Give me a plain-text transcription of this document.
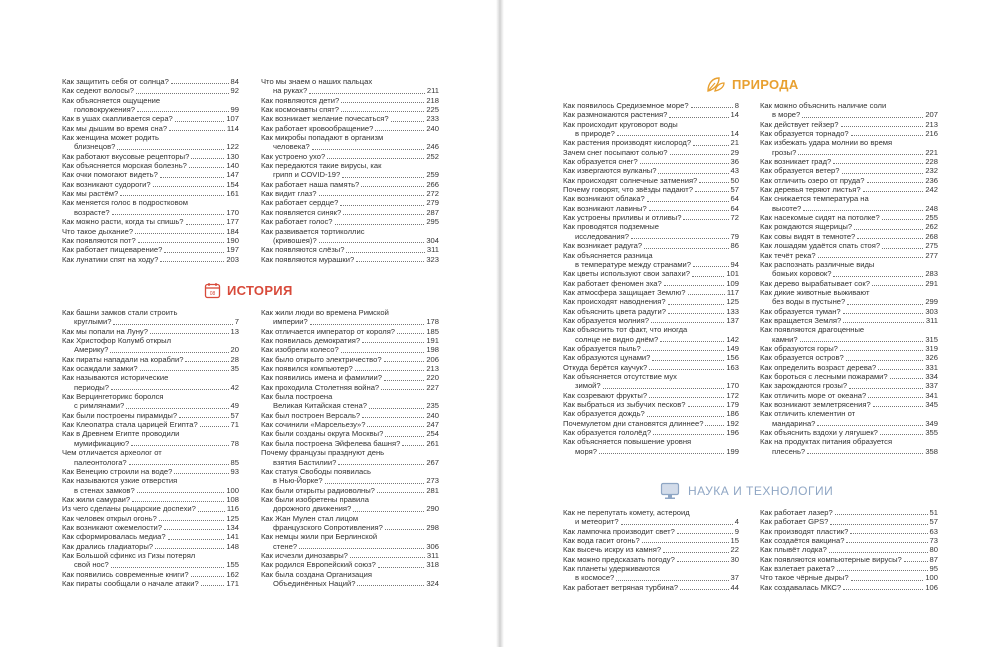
Как защитить себя от солнца?	84
Как седеют волосы?	92
Как объясняется ощущение
головокружения?	99
Как в ушах скапливается сера?	107
Как мы дышим во время сна?	114
Как женщина может родить
близнецов?	122
Как работают вкусовые рецепторы?	130
Как объясняется морская болезнь?	140
Как очки помогают видеть?	147
Как возникают судороги?	154
Как мы растём?	161
Как меняется голос в подростковом
возрасте?	170
Как можно расти, когда ты спишь?	177
Что такое дыхание?	184
Как появляются пот?	190
Как работает пищеварение?	197
Как лунатики спят на ходу?	203
Что мы знаем о наших пальцах
на руках?	211
Как появляются дети?	218
Как космонавты спят?	225
Как возникает желание почесаться?	233
Как работает кровообращение?	240
Как микробы попадают в организм
человека?	246
Как устроено ухо?	252
Как передаются такие вирусы, как
грипп и COVID-19?	259
Как работает наша память?	266
Как видит глаз?	272
Как работает сердце?	279
Как появляется синяк?	287
Как работает голос?	295
Как развивается тортиколлис
(кривошея)?	304
Как появляются слёзы?	311
Как появляются мурашки?	323
08 ИСТОРИЯ
Как башни замков стали строить
круглыми?	7
Как мы попали на Луну?	13
Как Христофор Колумб открыл
Америку?	20
Как пираты нападали на корабли?	28
Как осаждали замки?	35
Как называются исторические
периоды?	42
Как Верцингеторикс боролся
с римлянами?	49
Как были построены пирамиды?	57
Как Клеопатра стала царицей Египта?	71
Как в Древнем Египте проводили
мумификацию?	78
Чем отличается археолог от
палеонтолога?	85
Как Венецию строили на воде?	93
Как называются узкие отверстия
в стенах замков?	100
Как жили самураи?	108
Из чего сделаны рыцарские доспехи?	116
Как человек открыл огонь?	125
Как возникают ожемелости?	134
Как сформировалась медиа?	141
Как дрались гладиаторы?	148
Как Большой сфинкс из Гизы потерял
свой нос?	155
Как появились современные книги?	162
Как пираты сообщали о начале атаки?	171
Как жили люди во времена Римской
империи?	178
Как отличается император от короля?	185
Как появилась демократия?	191
Как изобрели колесо?	198
Как было открыто электричество?	206
Как появился компьютер?	213
Как появились имена и фамилии?	220
Как проходила Столетняя война?	227
Как была построена
Великая Китайская стена?	235
Как был построен Версаль?	240
Как сочинили «Марсельезу»?	247
Как были созданы округа Москвы?	254
Как была построена Эйфелева башня?	261
Почему французы празднуют день
взятия Бастилии?	267
Как статуя Свободы появилась
в Нью-Йорке?	273
Как были открыты радиоволны?	281
Как были изобретены правила
дорожного движения?	290
Как Жан Мулен стал лицом
французского Сопротивления?	298
Как немцы жили при Берлинской
стене?	306
Как исчезли динозавры?	311
Как родился Европейский союз?	318
Как была создана Организация
Объединённых Наций?	324
ПРИРОДА
Как появилось Средиземное море?	8
Как размножаются растения?	14
Как происходит круговорот воды
в природе?	14
Как растения производят кислород?	21
Зачем снег посыпают солью?	29
Как образуется снег?	36
Как извергаются вулканы?	43
Как происходят солнечные затмения?	50
Почему говорят, что звёзды падают?	57
Как возникают облака?	64
Как возникают лавины?	64
Как устроены приливы и отливы?	72
Как проводятся подземные
исследования?	79
Как возникает радуга?	86
Как объясняется разница
в температуре между странами?	94
Как цветы используют свои запахи?	101
Как работает феномен эха?	109
Как атмосфера защищает Землю?	117
Как происходят наводнения?	125
Как объяснить цвета радуги?	133
Как образуется молния?	137
Как объяснить тот факт, что иногда
солнце не видно днём?	142
Как образуется пыль?	149
Как образуются цунами?	156
Откуда берётся каучук?	163
Как объясняется отсутствие мух
зимой?	170
Как созревают фрукты?	172
Как выбраться из зыбучих песков?	179
Как образуется дождь?	186
Почемулетом дни становятся длиннее?	192
Как образуется гололёд?	196
Как объясняется повышение уровня
моря?	199
Как можно объяснить наличие соли
в море?	207
Как действует гейзер?	213
Как образуется торнадо?	216
Как избежать удара молнии во время
грозы?	221
Как возникает град?	228
Как образуется ветер?	232
Как отличить озеро от пруда?	236
Как деревья теряют листья?	242
Как снижается температура на
высоте?	248
Как насекомые сидят на потолке?	255
Как рождаются ящерицы?	262
Как совы видят в темноте?	268
Как лошадям удаётся спать стоя?	275
Как течёт река?	277
Как распознать различные виды
божьих коровок?	283
Как дерево вырабатывает сок?	291
Как дикие животные выживают
без воды в пустыне?	299
Как образуется туман?	303
Как вращается Земля?	311
Как появляются драгоценные
камни?	315
Как образуются горы?	319
Как образуется остров?	326
Как определить возраст дерева?	331
Как бороться с лесными пожарами?	334
Как зарождаются грозы?	337
Как отличить море от океана?	341
Как возникают землетрясения?	345
Как отличить клементин от
мандарина?	349
Как объяснить вздохи у лягушек?	355
Как на продуктах питания образуется
плесень?	358
НАУКА И ТЕХНОЛОГИИ
Как не перепутать комету, астероид
и метеорит?	4
Как лампочка производит свет?	9
Как вода гасит огонь?	15
Как высечь искру из камня?	22
Как можно предсказать погоду?	30
Как планеты удерживаются
в космосе?	37
Как работает ветряная турбина?	44
Как работает лазер?	51
Как работает GPS?	57
Как производят пластик?	63
Как создаётся вакцина?	73
Как плывёт лодка?	80
Как появляются компьютерные вирусы?	87
Как взлетает ракета?	95
Что такое чёрные дыры?	100
Как создавалась МКС?	106
